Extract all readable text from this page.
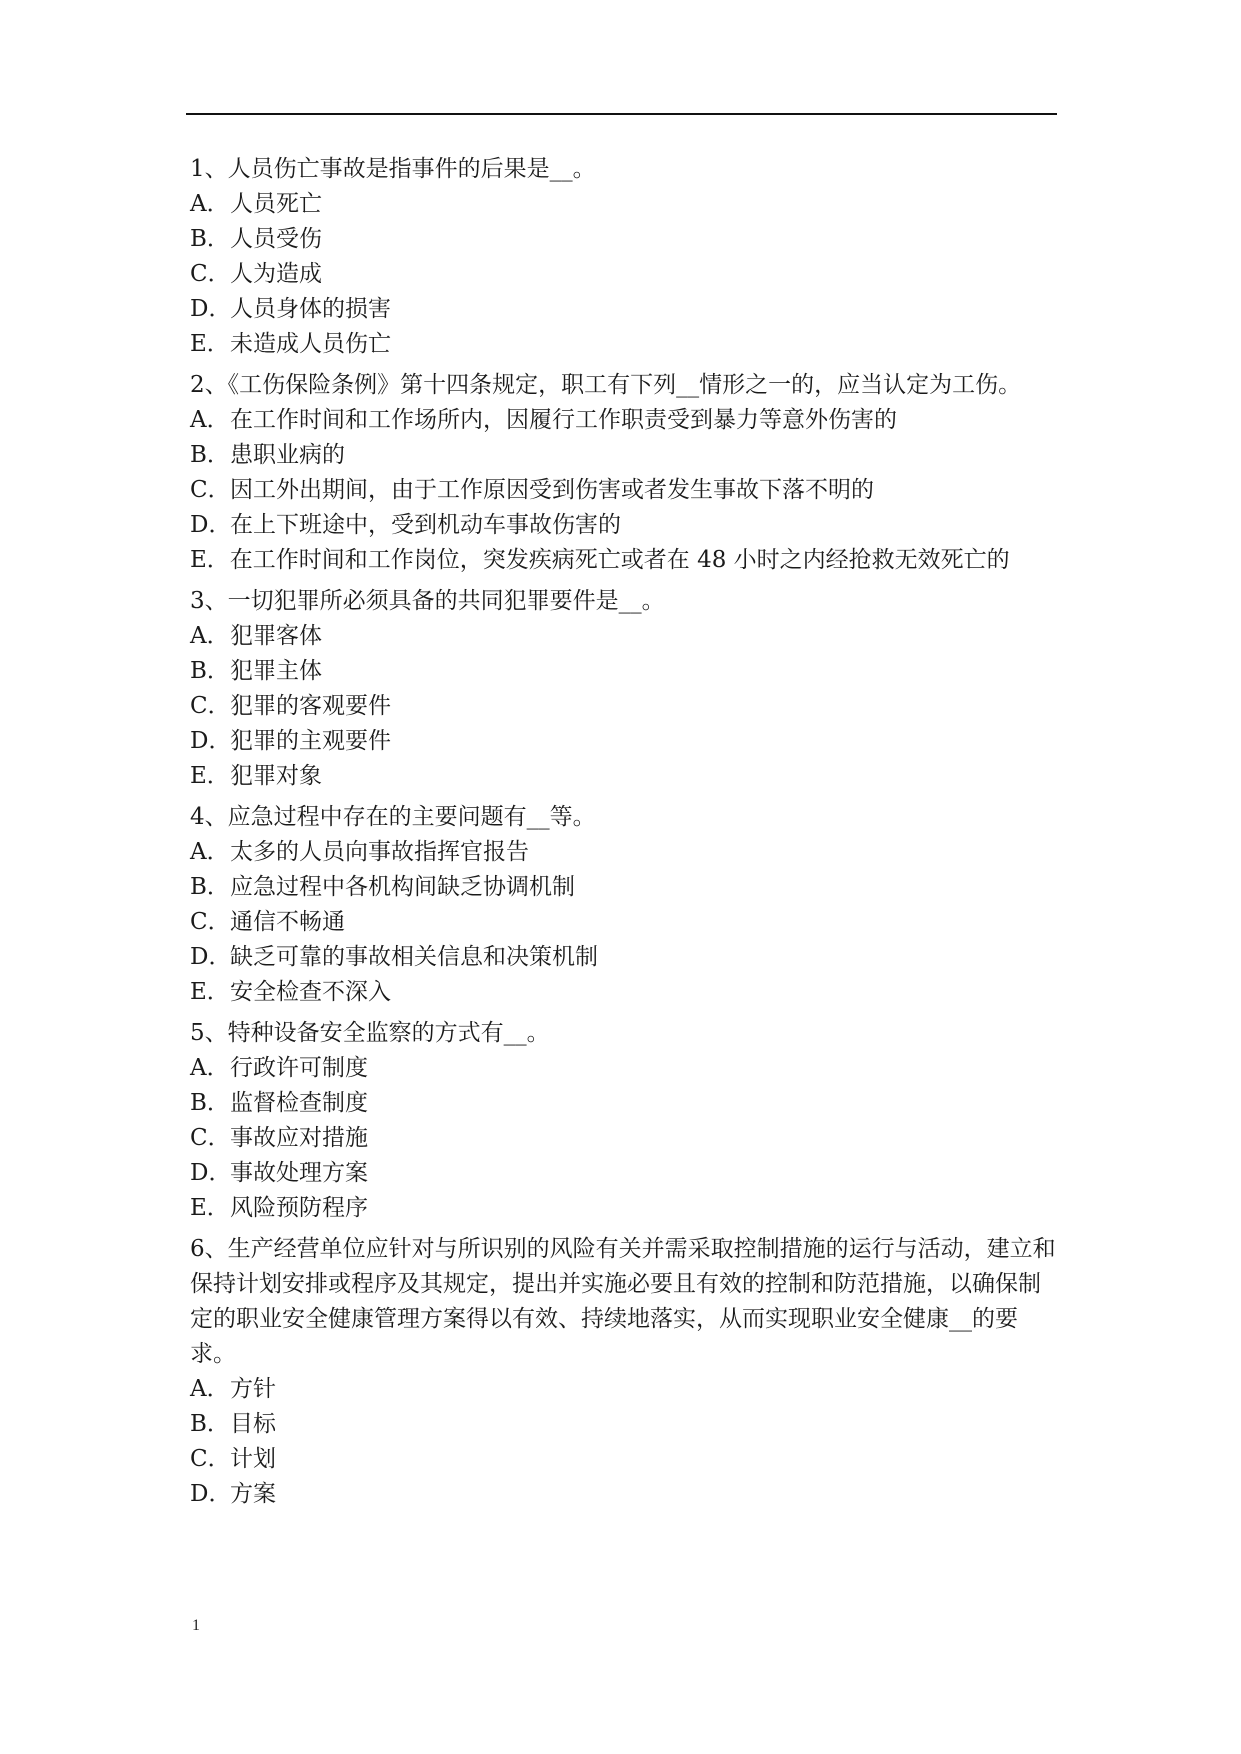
1、人员伤亡事故是指事件的后果是__。

A． 人员死亡
B． 人员受伤
C． 人为造成
D．
人员身体的损害
E． 未造成人员伤亡

2、《工伤保险条例》第十四条规定，职工有下列__情形之一的，应当认定为工伤。

A． 在工作时间和工作场所内，因履行工作职责受到暴力等意外伤害的
B． 患职业病的
C． 因工外出期间，由于工作原因受到伤害或者发生事故下落不明的
D．
在上下班途中，受到机动车事故伤害的

E．在工作时间和工作岗位，突发疾病死亡或者在 48 小时之内经抢救无效死亡的

3、一切犯罪所必须具备的共同犯罪要件是__。

A． 犯罪客体
B． 犯罪主体
C． 犯罪的客观要件
D．
犯罪的主观要件
E． 犯罪对象

4、应急过程中存在的主要问题有__等。

A． 太多的人员向事故指挥官报告
B． 应急过程中各机构间缺乏协调机制
C． 通信不畅通
D．
缺乏可靠的事故相关信息和决策机制
E． 安全检查不深入

5、特种设备安全监察的方式有__。

A． 行政许可制度
B． 监督检查制度
C． 事故应对措施
D．
事故处理方案
E． 风险预防程序

6、生产经营单位应针对与所识别的风险有关并需采取控制措施的运行与活动，建立和保持计划安排或程序及其规定，提出并实施必要且有效的控制和防范措施，以确保制定的职业安全健康管理方案得以有效、持续地落实，从而实现职业安全健康__的要求。

A． 方针
B． 目标
C． 计划
D．
方案
1
